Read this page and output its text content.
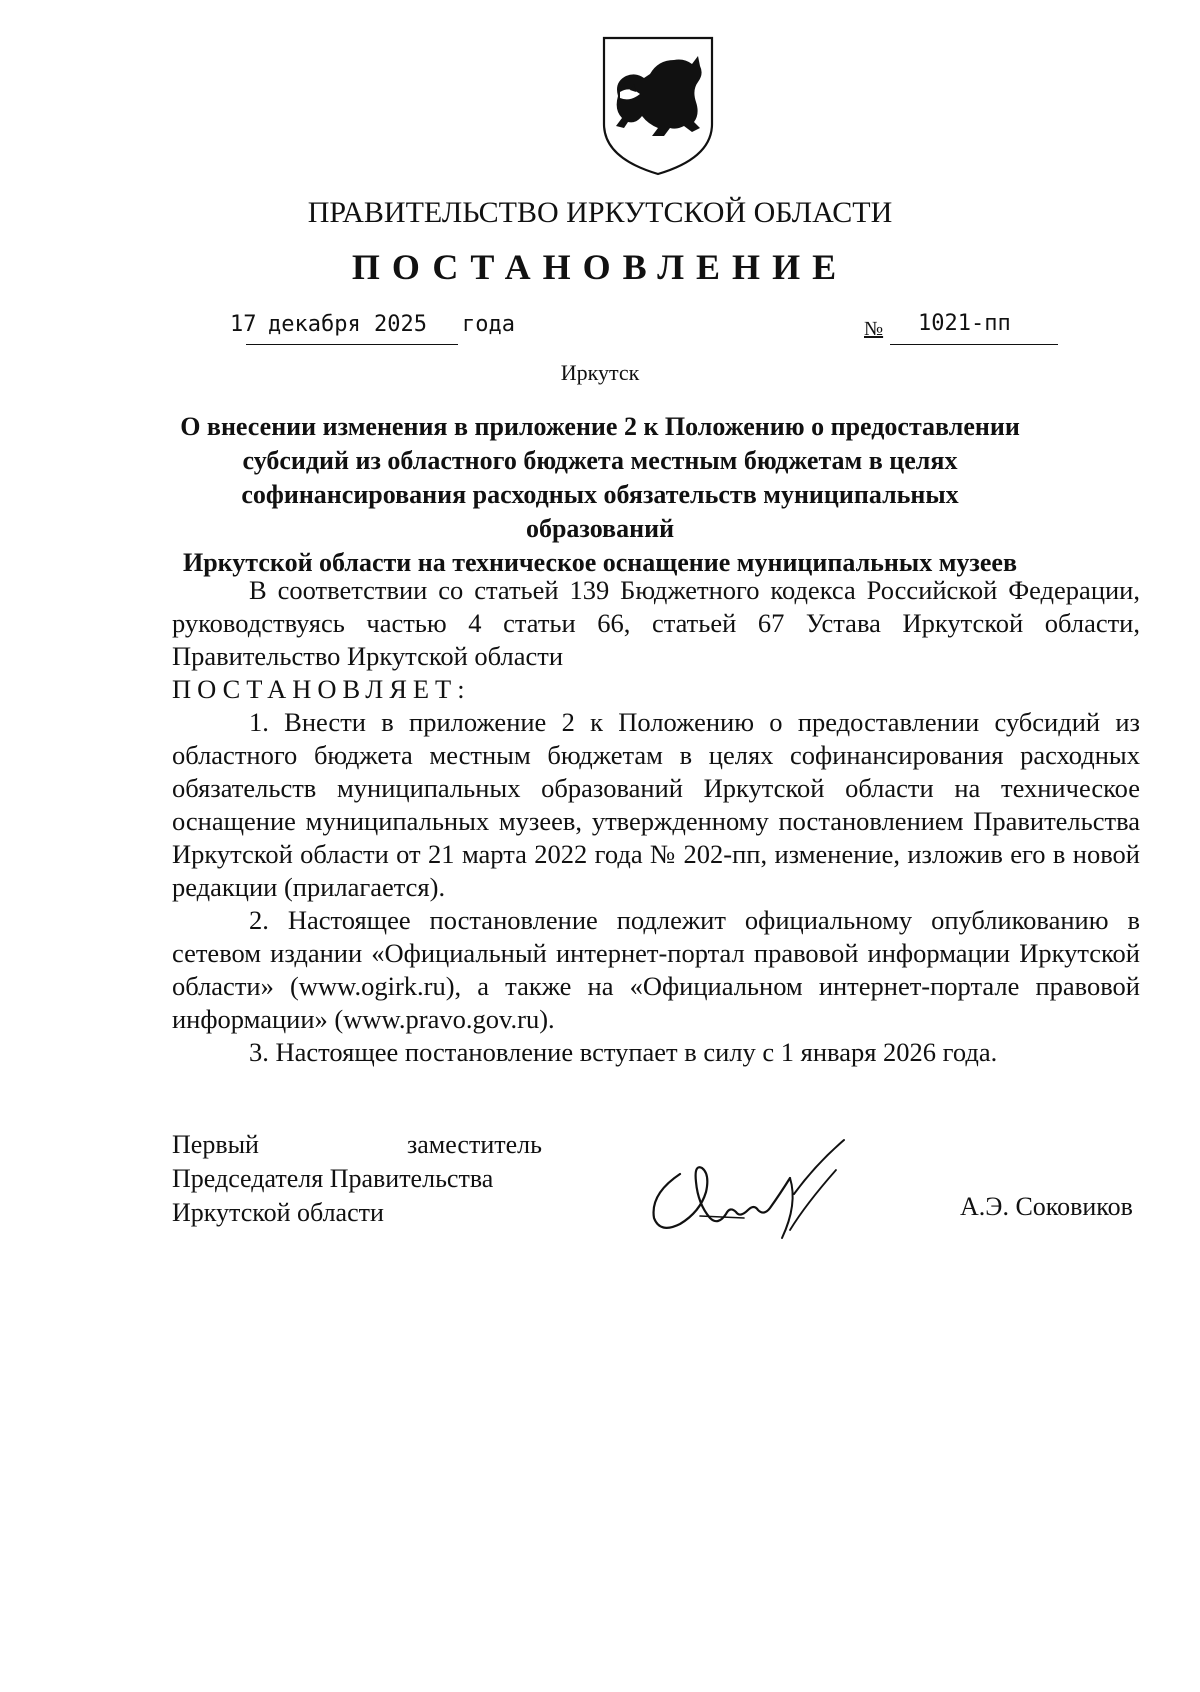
ПРАВИТЕЛЬСТВО ИРКУТСКОЙ ОБЛАСТИ
ПОСТАНОВЛЕНИЕ
17 декабря 2025 года	№ 1021-пп
Иркутск
О внесении изменения в приложение 2 к Положению о предоставлении
субсидий из областного бюджета местным бюджетам в целях
софинансирования расходных обязательств муниципальных образований
Иркутской области на техническое оснащение муниципальных музеев

В соответствии со статьей 139 Бюджетного кодекса Российской Федерации, руководствуясь частью 4 статьи 66, статьей 67 Устава Иркутской области, Правительство Иркутской области

ПОСТАНОВЛЯЕТ:

1. Внести в приложение 2 к Положению о предоставлении субсидий из областного бюджета местным бюджетам в целях софинансирования расходных обязательств муниципальных образований Иркутской области на техническое оснащение муниципальных музеев, утвержденному постановлением Правительства Иркутской области от 21 марта 2022 года № 202-пп, изменение, изложив его в новой редакции (прилагается).

2. Настоящее постановление подлежит официальному опубликованию в сетевом издании «Официальный интернет-портал правовой информации Иркутской области» (www.ogirk.ru), а также на «Официальном интернет-портале правовой информации» (www.pravo.gov.ru).

3. Настоящее постановление вступает в силу с 1 января 2026 года.

Первый	заместитель
Председателя Правительства
Иркутской области	А.Э. Соковиков
